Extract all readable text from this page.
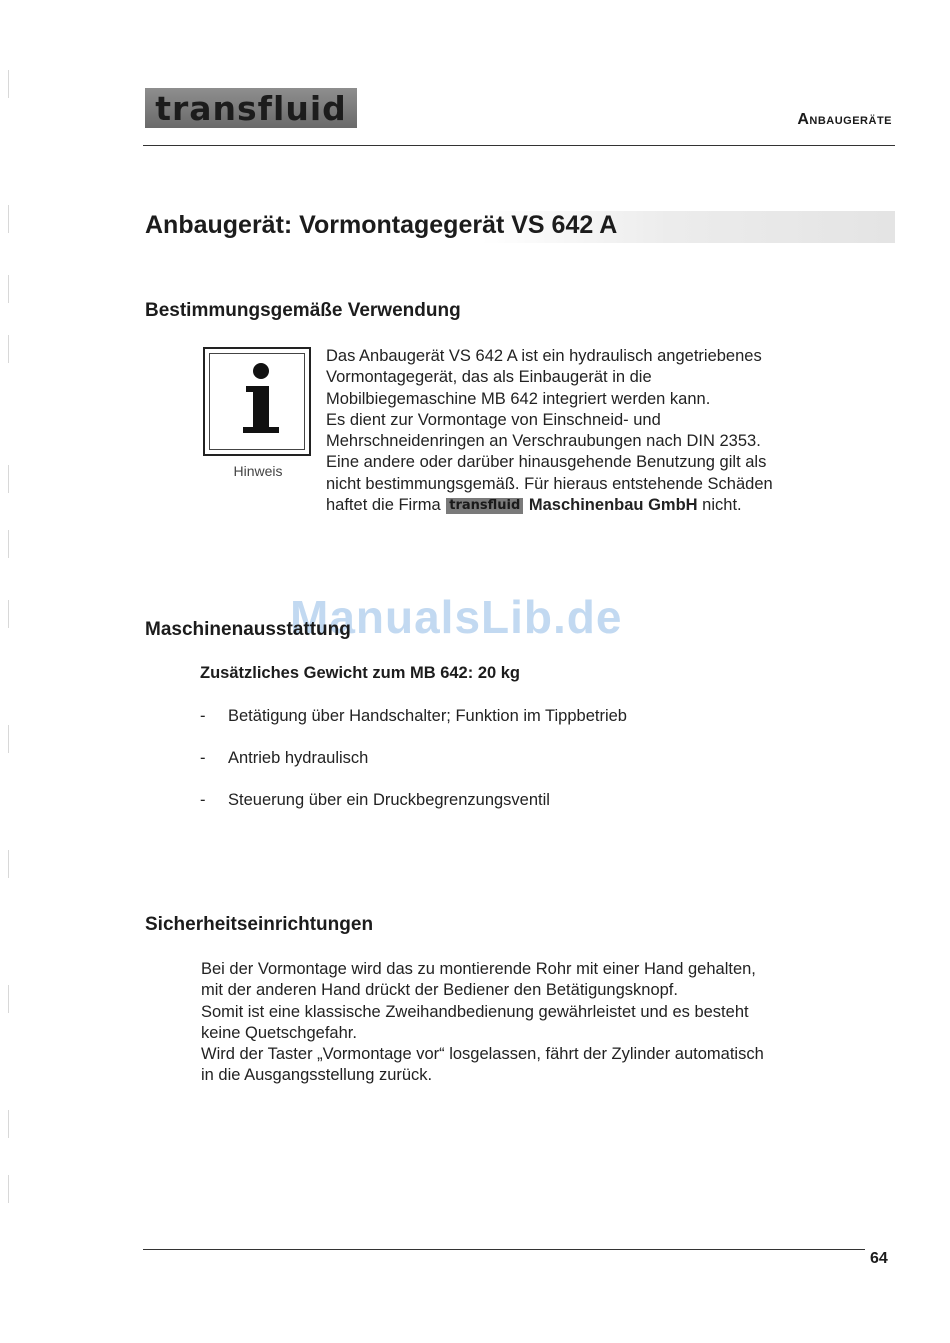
transfluid	Anbaugeräte
Anbaugerät: Vormontagegerät VS 642 A
Bestimmungsgemäße Verwendung
Hinweis
Das Anbaugerät VS 642 A ist ein hydraulisch angetriebenes
Vormontagegerät, das als Einbaugerät in die
Mobilbiegemaschine MB 642 integriert werden kann.
Es dient zur Vormontage von Einschneid- und
Mehrschneidenringen an Verschraubungen nach DIN 2353.
Eine andere oder darüber hinausgehende Benutzung gilt als
nicht bestimmungsgemäß. Für hieraus entstehende Schäden
haftet die Firma transfluid Maschinenbau GmbH nicht.
ManualsLib.de
Maschinenausstattung
Zusätzliches Gewicht zum MB 642: 20 kg
- Betätigung über Handschalter; Funktion im Tippbetrieb
- Antrieb hydraulisch
- Steuerung über ein Druckbegrenzungsventil
Sicherheitseinrichtungen
Bei der Vormontage wird das zu montierende Rohr mit einer Hand gehalten,
mit der anderen Hand drückt der Bediener den Betätigungsknopf.
Somit ist eine klassische Zweihandbedienung gewährleistet und es besteht
keine Quetschgefahr.
Wird der Taster „Vormontage vor“ losgelassen, fährt der Zylinder automatisch
in die Ausgangsstellung zurück.
64
